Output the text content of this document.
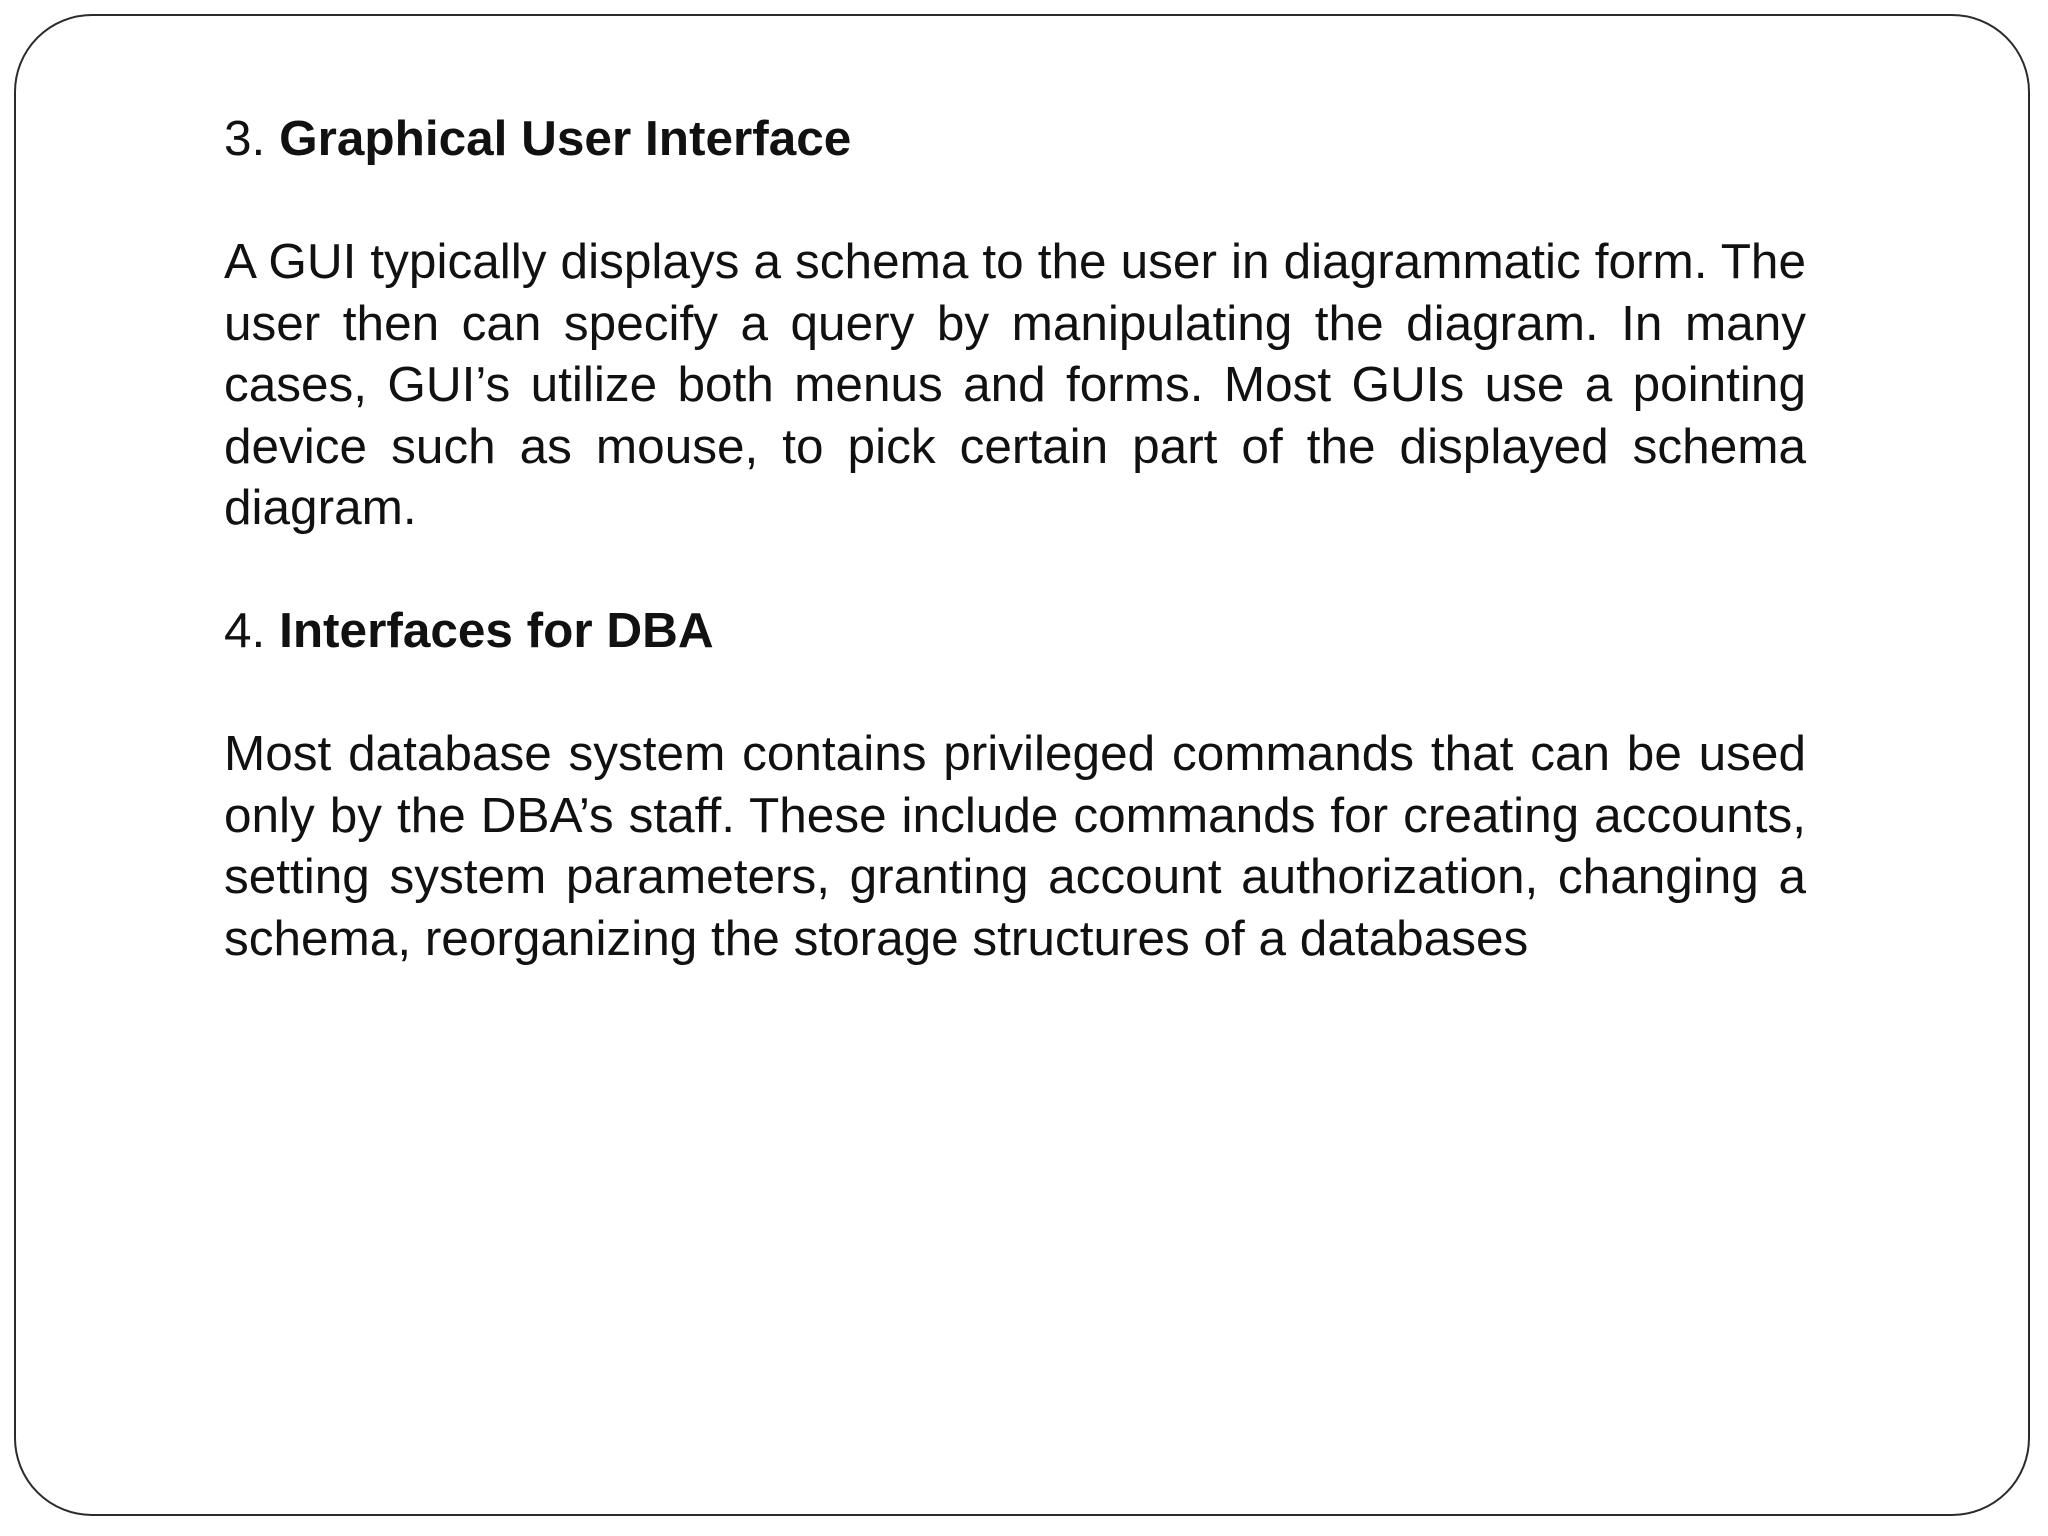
3. Graphical User Interface

A GUI typically displays a schema to the user in diagrammatic form. The user then can specify a query by manipulating the diagram. In many cases, GUI’s utilize both menus and forms. Most GUIs use a pointing device such as mouse, to pick certain part of the displayed schema diagram.

4. Interfaces for DBA

Most database system contains privileged commands that can be used only by the DBA’s staff. These include commands for creating accounts, setting system parameters, granting account authorization, changing a schema, reorganizing the storage structures of a databases
